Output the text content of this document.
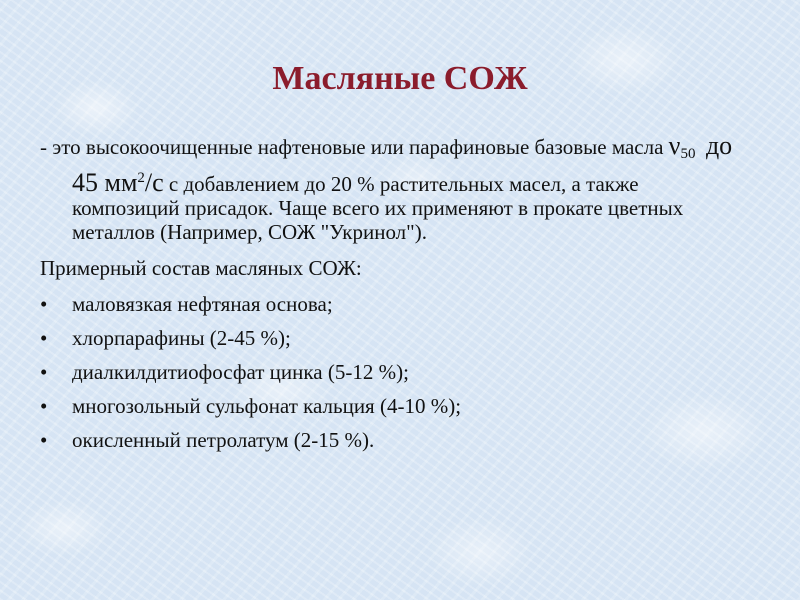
Масляные СОЖ

- это высокоочищенные нафтеновые или парафиновые базовые масла $\nu_{50}$ до 45 $мм^2/с$ с добавлением до 20 % растительных масел, а также композиций присадок. Чаще всего их применяют в прокате цветных металлов (Например, СОЖ "Укринол").

Примерный состав масляных СОЖ:

• маловязкая нефтяная основа;
• хлорпарафины (2-45 %);
• диалкилдитиофосфат цинка (5-12 %);
• многозольный сульфонат кальция (4-10 %);
• окисленный петролатум (2-15 %).
